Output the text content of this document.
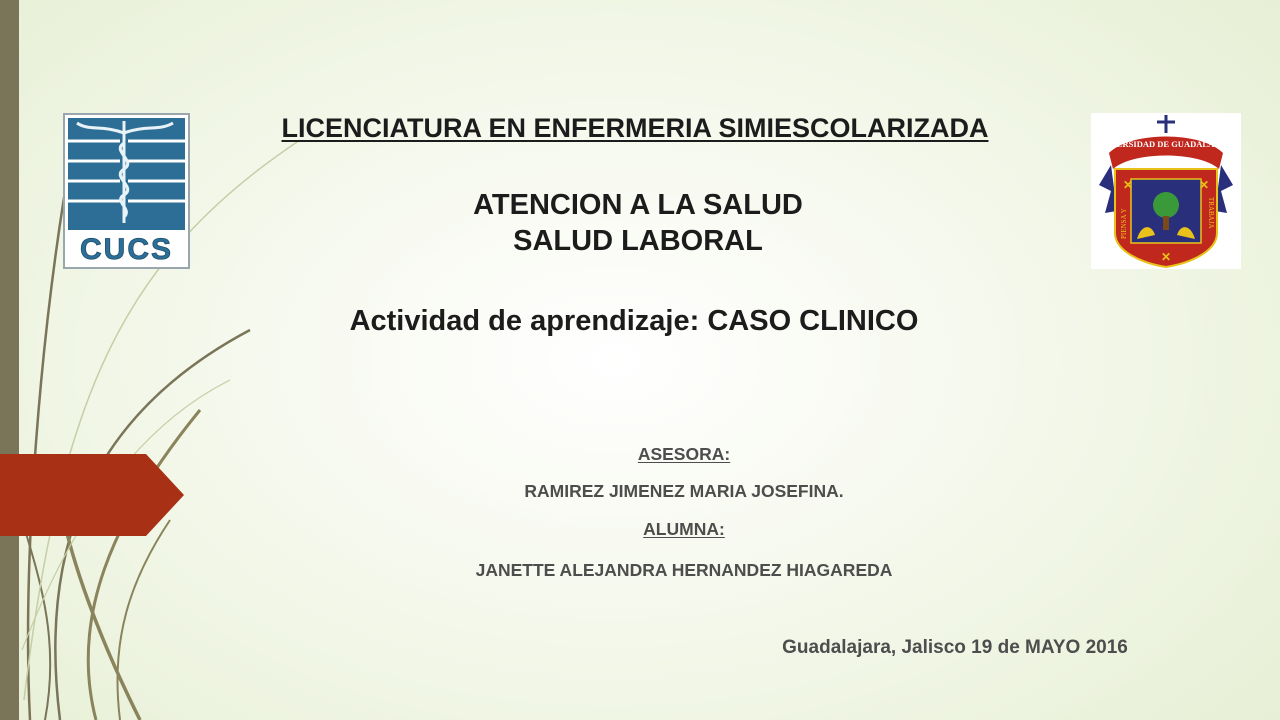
CUCS
✕	✕
✕
UNIVERSIDAD DE GUADALAJARA
PIENSA Y	TRABAJA
LICENCIATURA EN ENFERMERIA SIMIESCOLARIZADA
ATENCION A LA SALUD
SALUD LABORAL
Actividad de aprendizaje: CASO CLINICO
ASESORA:
RAMIREZ JIMENEZ MARIA JOSEFINA.
ALUMNA:
JANETTE ALEJANDRA HERNANDEZ HIAGAREDA
Guadalajara, Jalisco 19 de MAYO 2016
